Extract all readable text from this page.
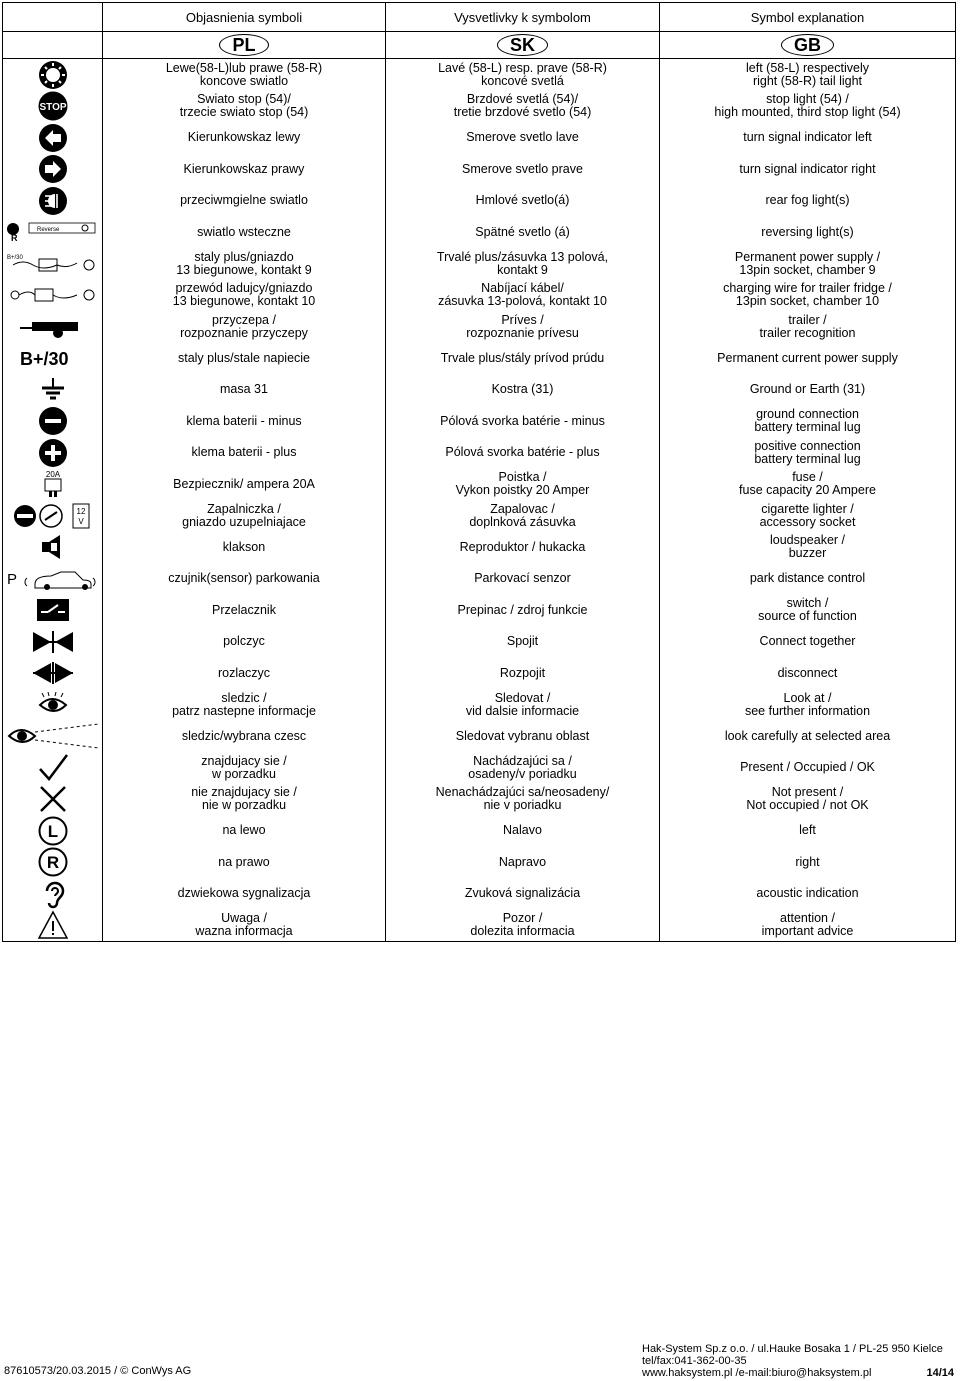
	Objasnienia symboli	Vysvetlivky k symbolom	Symbol explanation
	PL	SK	GB

	Lewe(58-L)lub prawe (58-R)
koncove swiatlo	Lavé (58-L) resp. prave (58-R)
koncové svetlá	left (58-L) respectively
right (58-R) tail light

STOP	Swiato stop (54)/
trzecie swiato stop (54)	Brzdové svetlá (54)/
tretie brzdové svetlo (54)	stop light (54) /
high mounted, third stop light (54)

	Kierunkowskaz lewy	Smerove svetlo lave	turn signal indicator left

	Kierunkowskaz prawy	Smerove svetlo prave	turn signal indicator right

	przeciwmgielne swiatlo	Hmlové svetlo(á)	rear fog light(s)

R
Reverse	swiatlo wsteczne	Spätné svetlo (á)	reversing light(s)

B+/30	staly plus/gniazdo
13 biegunowe, kontakt 9	Trvalé plus/zásuvka 13 polová,
kontakt 9	Permanent power supply /
13pin socket, chamber 9

	przewód ladujcy/gniazdo
13 biegunowe, kontakt 10	Nabíjací kábel/
zásuvka 13-polová, kontakt 10	charging wire for trailer fridge /
13pin socket, chamber 10

	przyczepa /
rozpoznanie przyczepy	Príves /
rozpoznanie prívesu	trailer /
trailer recognition

B+/30	staly plus/stale napiecie	Trvale plus/stály prívod prúdu	Permanent current power supply

	masa 31	Kostra (31)	Ground or Earth (31)

	klema baterii - minus	Pólová svorka batérie - minus	ground connection
battery terminal lug

	klema baterii - plus	Pólová svorka batérie - plus	positive connection
battery terminal lug

20A	Bezpiecznik/ ampera 20A	Poistka /
Vykon poistky 20 Amper	fuse /
fuse capacity 20 Ampere

12
V	Zapalniczka /
gniazdo uzupelniajace	Zapalovac /
doplnková zásuvka	cigarette lighter /
accessory socket

	klakson	Reproduktor / hukacka	loudspeaker /
buzzer

P	czujnik(sensor) parkowania	Parkovací senzor	park distance control

	Przelacznik	Prepinac / zdroj funkcie	switch /
source of function

	polczyc	Spojit	Connect together

	rozlaczyc	Rozpojit	disconnect

	sledzic /
patrz nastepne informacje	Sledovat /
vid dalsie informacie	Look at /
see further information

	sledzic/wybrana czesc	Sledovat vybranu oblast	look carefully at selected area

	znajdujacy sie /
w porzadku	Nachádzajúci sa /
osadeny/v poriadku	Present / Occupied / OK

	nie znajdujacy sie /
nie w porzadku	Nenachádzajúci sa/neosadeny/
nie v poriadku	Not present /
Not occupied / not OK

L	na lewo	Nalavo	left

R	na prawo	Napravo	right

	dzwiekowa sygnalizacja	Zvuková signalizácia	acoustic indication

	Uwaga /
wazna informacja	Pozor /
dolezita informacia	attention /
important advice
87610573/20.03.2015 / © ConWys AG
Hak-System Sp.z o.o. / ul.Hauke Bosaka 1 / PL-25 950 Kielce
tel/fax:041-362-00-35
www.haksystem.pl /e-mail:biuro@haksystem.pl	14/14
